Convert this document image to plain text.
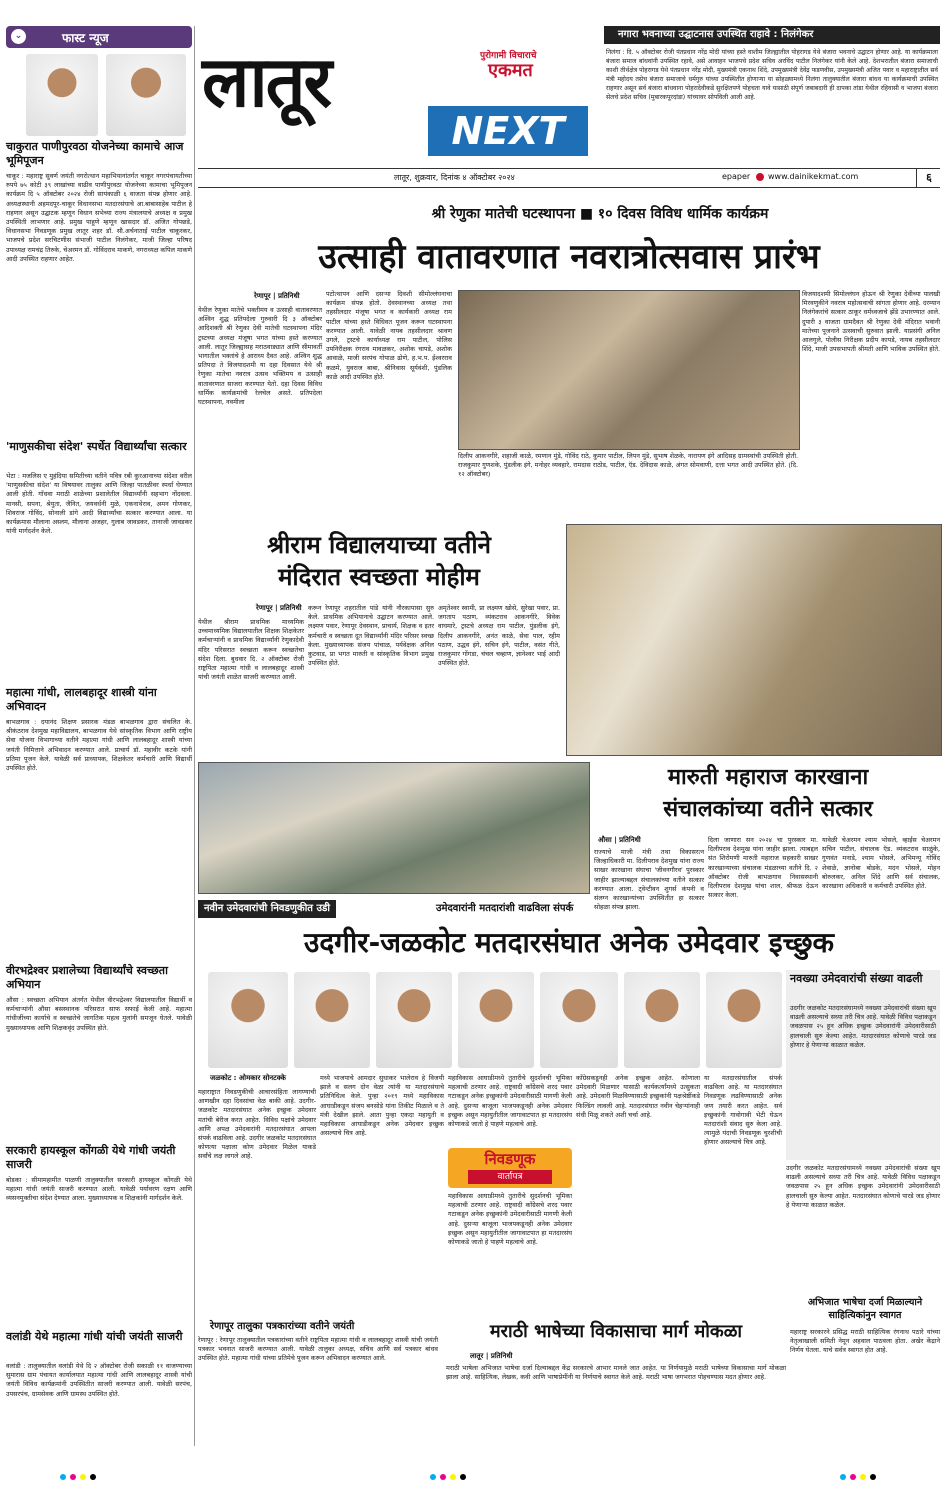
⌄	फास्ट न्यूज
चाकुरात पाणीपुरवठा योजनेच्या कामाचे आज भूमिपूजन
चाकूर : महाराष्ट्र सुवर्ण जयंती नगरोत्थान महाभियानांतर्गत चाकूर नगरपंचायतीच्या रुपये ७५ कोटी ३९ लाखांच्या वाढीव पाणीपुरवठा योजनेच्या कामाचा भूमिपूजन कार्यक्रम दि ५ ऑक्टोबर २०२४ रोजी सायंकाळी ६ वाजता संपन्न होणार आहे. अध्यक्षस्थानी अहमदपूर-चाकूर विधानसभा मतदारसंघाचे आ.बाबासाहेब पाटील हे राहणार असून उद्घाटक म्हणून विधान सभेच्या राज्य मंत्रालयाचे अध्यक्ष व प्रमुख उपस्थिती लाभणार आहे. प्रमुख पाहुणे म्हणून खासदार डॉ. अजित गोपछडे, विधानसभा निवडणूक प्रमुख लातूर शहर डॉ. सौ.अर्चनाताई पाटील चाकूरकर, भाजपचे प्रदेश सरचिटणीस संभाजी पाटील निलंगेकर, माजी जिल्हा परिषद उपाध्यक्ष रामचंद्र तिरुके, चेअरमन डॉ. गोविंदराव माकणे, नगराध्यक्ष कपिल माकणे आदी उपस्थित राहणार आहेत.
'माणुसकीचा संदेश' स्पर्धेत विद्यार्थ्यांचा सत्कार
भेटा : मजलिस ए मुहंदिया समितीच्या वतीने पवित्र रबी कुरआनाच्या संदेशा वरील 'माणुसकीचा संदेश' या विषयावर तालुका आणि जिल्हा पातळीवर स्पर्धा घेण्यात आली होती. गाँधवा मराठी शाळेच्या प्रशालेतील विद्यार्थ्यांनी सहभाग नोंदवला. मानसी, सपना, श्रेयुता, जैनित, जयवर्धनी मुळे, एकनाथेराव, अमन गोणकर, शिवराज गोविंद, सोनाली डांगे आदी विद्यार्थ्यांचा सत्कार करण्यात आला. या कार्यक्रमास मौलाना अस्लम, मौलाना अजहर, गुलाब जावडकर, तानाजी जावडकर यांनी मार्गदर्शन केले.
महात्मा गांधी, लालबहादूर शास्त्री यांना अभिवादन
बाभळगाव : दयानंद शिक्षण प्रसारक मंडळ बाभळगाव द्वारा संचलित के. श्रीकंठराव देशमुख महाविद्यालय, बाभळगाव येथे सांस्कृतिक विभाग आणि राष्ट्रीय सेवा योजना विभागाच्या वतीने महात्मा गांधी आणि लालबहादूर शास्त्री यांच्या जयंती निमित्ताने अभिवादन करण्यात आले. प्राचार्य डॉ. महावीर कटके यांनी प्रतिमा पूजन केले. यावेळी सर्व प्राध्यापक, शिक्षकेतर कर्मचारी आणि विद्यार्थी उपस्थित होते.
वीरभद्रेश्वर प्रशालेच्या विद्यार्थ्यांचे स्वच्छता अभियान
औसा : स्वच्छता अभियान अंतर्गत येथील वीरभद्रेश्वर विद्यालयातील विद्यार्थी व कर्मचाऱ्यांनी औसा बसस्थानक परिसरात साफ सफाई केली आहे. महात्मा गांधीजींच्या कार्याचे व स्वच्छतेचे जागतिक महत्व मुलांनी समजून घेतले. यावेळी मुख्याध्यापक आणि शिक्षकवृंद उपस्थित होते.
सरकारी हायस्कूल कोंगळी येथे गांधी जयंती साजरी
बोडका : सीमामहामीत पाळणी तालुक्यातील सरकारी हायस्कूल कोंगळी येथे महात्मा गांधी जयंती साजरी करण्यात आली. यावेळी पर्यावरण रक्षण आणि व्यसनमुक्तीचा संदेश देण्यात आला. मुख्याध्यापक व शिक्षकांनी मार्गदर्शन केले.
वलांडी येथे महात्मा गांधी यांची जयंती साजरी
वलांडी : तालुक्यातील वलांडी येथे दि २ ऑक्टोबर रोजी सकाळी ११ वाजण्याच्या सुमारास ग्राम पंचायत कार्यालयात महात्मा गांधी आणि लालबहादूर शास्त्री यांची जयंती विविध कार्यक्रमांनी उपस्थितीत साजरी करण्यात आली. यावेळी सरपंच, उपसरपंच, ग्रामसेवक आणि ग्रामस्थ उपस्थित होते.
लातूर	पुरोगामी विचाराचे
एकमत
NEXT
नगारा भवनाच्या उद्घाटनास उपस्थित राहावे : निलंगेकर
निलंगा : दि. ५ ऑक्टोबर रोजी पंतप्रधान नरेंद्र मोदी यांच्या हस्ते वाशीम जिल्ह्यातील पोहरागड येथे बंजारा भवनाचे उद्घाटन होणार आहे. या कार्यक्रमाला बंजारा समाज बांधवांनी उपस्थित रहावे, असे आवाहन भाजपचे प्रदेश सचिव अरविंद पाटील निलंगेकर यांनी केले आहे. देशभरातील बंजारा समाजाची काशी तीर्थक्षेत्र पोहरागड येथे पंतप्रधान नरेंद्र मोदी, मुख्यमंत्री एकनाथ शिंदे, उपमुख्यमंत्री देवेंद्र फडणवीस, उपमुख्यमंत्री अजित पवार व महाराष्ट्रातील सर्व मंत्री महोदय तसेच बंजारा समाजाचे धर्मगुरु यांच्या उपस्थितीत होणाऱ्या या सोहळ्यामध्ये निलंगा तालुक्यातील बंजारा बांधव या कार्यक्रमाची उपस्थित राहणार असून सर्व बंजारा बांधवाना पोहरादेवीकडे सुरक्षितपणे पोहचता यावे यासाठी संपूर्ण जबाबदारी ही दापका तांडा येथील रहिवासी व भाजपा बंजारा सेलचे प्रदेश सचिव (मुबारकपूरदांडा) यांच्यावर सोपविली आली आहे.
लातूर, शुक्रवार, दिनांक ४ ऑक्टोबर २०२४	epaper www.dainikekmat.com	६
श्री रेणुका मातेची घटस्थापना ■ १० दिवस विविध धार्मिक कार्यक्रम
उत्साही वातावरणात नवरात्रोत्सवास प्रारंभ
रेणापूर | प्रतिनिधी
येथील रेणुका मातेचे भक्तीमय व उत्साही वातावरणात अश्विन शुद्ध प्रतिपदेला गुरुवारी दि ३ ऑक्टोबर आदिशक्ती श्री रेणुका देवी मातेची घटस्थापना मंदिर ट्रस्टच्या अध्यक्ष मंजूषा भगत यांच्या हस्ते करण्यात आली. लातूर जिल्ह्यासह मराठवाड्यात आणि सीमावर्ती भागातील भक्तांचे हे आराध्य दैवत आहे. अश्विन शुद्ध प्रतिपदा ते विजयादशमी या दहा दिवसात येथे श्री रेणुका मातेचा नवरात्र उत्सव भक्तिमय व उत्साही वातावरणात साजरा करण्यात येतो. दहा दिवस विविध धार्मिक कार्यक्रमांची रेलचेल असते. प्रतिपदेला घटस्थापना, नवमीला
पटोत्थापन आणि दसऱ्या दिवशी सीमोल्लंघनाचा कार्यक्रम संपन्न होतो. देवस्थानच्या अध्यक्ष तथा तहसीलदार मंजूषा भगत व कार्यकारी अध्यक्ष राम पाटील यांच्या हस्ते विधिवत पूजन करून घटस्थापना करण्यात आली. यावेळी नायब तहसीलदार श्रावण उगले, ट्रस्टचे कार्याध्यक्ष राम पाटील, पोलिस उपनिरीक्षक रंगराव मावळकर, अशोक चापडे, अशोक आवाळे, माजी सरपंच गोपाळ ढोणे, ह.भ.प. ईश्वरराव कळमे, युवराज बाबा, श्रीनिवास सूर्यवंशी, पुंडलिक काळे आदी उपस्थित होते.
दिलीप आकनगीरे, शहाजी काळे, रमणान मुंडे, गोविंद राठे, कुमार पाटील, लिपन मुंडे, सुभाष शेळके, नारायण इंगे आदिसह ग्रामस्थांची उपस्थिती होती. राजकुमार गुणशके, पुंडलीक इंगे, मनोहर व्यवहारे, रामदास राठोड, पाटील, ऍड. देविदास काळे, अंगत सोमवाणी, दत्ता भगत आदी उपस्थित होते. (दि. १२ ऑक्टोबर)
विजयादशमी सिमोल्लंघन होऊन श्री रेणुका देवीच्या पालखी मिरवणुकीने नवरात्र महोत्सवाची सांगता होणार आहे. दरम्यान निलंगेकरांचे सत्कार ठाकूर धर्मध्वजाचे झेंडे उभारण्यात आले. दुपारी ३ वाजता ग्रामदैवत श्री रेणुका देवी मंदिरात भवानी मातेच्या पूजनाने उत्सवाची सुरुवात झाली. याप्रसंगी अनिल आलगुले, पोलीस निरीक्षक प्रदीप कापडे, नायब तहसीलदार शिंदे, माजी उपसभापती श्रीमती आणि भाविक उपस्थित होते.
श्रीराम विद्यालयाच्या वतीने
मंदिरात स्वच्छता मोहीम
रेणापूर | प्रतिनिधी
येथील श्रीराम प्राथमिक माध्यमिक उच्चमाध्यमिक विद्यालयातील शिक्षक शिक्षकेतर कर्मचाऱ्यांनी व प्राथमिक विद्यार्थ्यांनी रेणुकादेवी मंदिर परिसरात स्वच्छता करून स्वच्छतेचा संदेश दिला. बुधवार दि. २ ऑक्टोबर रोजी राष्ट्रपिता महात्मा गांधी व लालबहादूर शास्त्री यांची जयंती शाळेत साजरी करण्यात आली.
करून रेणापूर शहरातील पांडे यांनी नौरकापासा सुरु केले. प्राथमिक अभियानाचे उद्घाटन करण्यात आले. लक्ष्मण पवार, रेणापूर देवस्थान, प्राचार्य, शिक्षक व इतर कर्मचारी व स्वच्छता दूत विद्यार्थ्यांनी मंदिर परिसर स्वच्छ केला. मुख्याध्यापक संजय पांचाळ, पर्यवेक्षक अनिल कुटवाड, प्रा भगत मारुती व सांस्कृतिक विभाग प्रमुख उपस्थित होते.
अमृतेश्वर स्वामी, प्रा लक्ष्मण खोसे, सुरेखा पवार, प्रा. जगताप पठाण, व्यंकटराव आकनगीरे, विवेक वाघमारे, ट्रस्टचे अध्यक्ष राम पाटील, पुंडलीक इंगे, दिलीप आकनगीरे, अनंत काळे, सेवा पाल, रहीम पठाण, उद्धव इंगे, सचिन इंगे, पाटील, वसंत गीते, राजकुमार गोंगडा, चंचल चव्हाण, ज्ञानेश्वर भाई आदी उपस्थित होते.
मारुती महाराज कारखाना
संचालकांच्या वतीने सत्कार
औसा | प्रतिनिधी
राज्याचे माजी मंत्री तथा विकासरत्न जिल्हाधिकारी मा. दिलीपराव देशमुख यांना राज्य साखर कारखाना संघाचा 'जीवनगौरव' पुरस्कार जाहीर झाल्याबद्दल संचालकांच्या वतीने सत्कार करण्यात आला. ट्वेन्टीवन शुगर्स कंपनी व संलग्न कारखान्यांच्या उपस्थितीत हा सत्कार सोहळा संपन्न झाला.
दिला जाणारा सन २०२४ चा पुरस्कार मा. दिलीपराव देशमुख यांना जाहीर झाला. त्याबद्दल संत शिरोमणी मारुती महाराज सहकारी साखर कारखान्याच्या संचालक मंडळाच्या वतीने दि. २ ऑक्टोबर रोजी बाभळगाव निवासस्थानी दिलीपराव देशमुख यांचा शाल, श्रीफळ देऊन सत्कार केला.
यावेळी चेअरमन श्याम भोसले, व्हाईस चेअरमन सचिन पाटील, संचालक ऍड. व्यंकटराव साळुंके, गुणवंत मनाडे, श्याम भोसले, अभिमन्यू गोविंद शेवाळे, ज्ञानोबा बोडके, मदन भोसले, मोहन बोरुलकर, अनिल शिंदे आणि सर्व संचालक, कारखाना अधिकारी व कर्मचारी उपस्थित होते.
नवीन उमेदवारांची निवडणुकीत उडी	उमेदवारांनी मतदारांशी वाढविला संपर्क
उदगीर-जळकोट मतदारसंघात अनेक उमेदवार इच्छुक
नवख्या उमेदवारांची संख्या वाढली
उदगीर जळकोट मतदारसंघामध्ये नवख्या उमेदवारांची संख्या खूप वाढली असल्याचे सध्या तरी चित्र आहे. यावेळी विविध पक्षाकडून जवळपास २५ हून अधिक इच्छुक उमेदवारांनी उमेदवारीसाठी हालचाली सुरु केल्या आहेत. मतदारसंघात कोणाचे पारडे जड होणार हे येणाऱ्या काळात कळेल.
जळकोट : ओमकार सोनटक्के
महाराष्ट्रात निवडणुकीची आचारसंहिता लागण्याची आणखीन दहा दिवसांचा वेळ बाकी आहे. उदगीर-जळकोट मतदारसंघात अनेक इच्छुक उमेदवार मतांची बेरीज करत आहेत. विविध पक्षांचे उमेदवार आणि अपक्ष उमेदवारांनी मतदारसंघात आपला संपर्क वाढविला आहे. उदगीर जळकोट मतदारसंघात कोणत्या पक्षाला कोण उमेदवार मिळेल याकडे सर्वांचे लक्ष लागले आहे.
मध्ये भाजपाचे आमदार सुधाकर भालेराव हे विजयी झाले व सलग दोन वेळा त्यांनी या मतदारसंघाचे प्रतिनिधित्व केले. पुन्हा २०१९ मध्ये महाविकास आघाडीकडून संजय बनसोडे यांना तिकीट मिळाले व ते मंत्री देखील झाले. आता पुन्हा एकदा महायुती व महाविकास आघाडीकडून अनेक उमेदवार इच्छुक असल्याचे चित्र आहे.
महाविकास आघाडीमध्ये तुतारीचे सुदर्शनची भूमिका महत्वाची ठरणार आहे. राष्ट्रवादी काँग्रेसचे शरद पवार गटाकडून अनेक इच्छुकांनी उमेदवारीसाठी मागणी केली आहे. दुसऱ्या बाजूला भाजपकडूनही अनेक उमेदवार इच्छुक असून महायुतीतील जागावाटपात हा मतदारसंघ कोणाकडे जातो हे पाहणे महत्वाचे आहे.
निवडणूक
वार्तापत्र
महाविकास आघाडीमध्ये तुतारीचे सुदर्शनची भूमिका महत्वाची ठरणार आहे. राष्ट्रवादी काँग्रेसचे शरद पवार गटाकडून अनेक इच्छुकांनी उमेदवारीसाठी मागणी केली आहे. दुसऱ्या बाजूला भाजपकडूनही अनेक उमेदवार इच्छुक असून महायुतीतील जागावाटपात हा मतदारसंघ कोणाकडे जातो हे पाहणे महत्वाचे आहे.
काँग्रेसकडूनही अनेक इच्छुक आहेत. कोणाला उमेदवारी मिळणार यासाठी कार्यकर्त्यांमध्ये उत्सुकता आहे. उमेदवारी मिळविण्यासाठी इच्छुकांनी पक्षश्रेष्ठींकडे फिल्डिंग लावली आहे. मतदारसंघात नवीन चेहऱ्यांनाही संधी मिळू शकते अशी चर्चा आहे.
या मतदारसंघातील संपर्क वाढविला आहे. या मतदारसंघात निवडणूक लढविण्यासाठी अनेक जण तयारी करत आहेत. सर्व इच्छुकांनी गावोगावी भेटी घेऊन मतदारांशी संवाद सुरु केला आहे. त्यामुळे यंदाची निवडणूक चुरशीची होणार असल्याचे चित्र आहे.
उदगीर जळकोट मतदारसंघामध्ये नवख्या उमेदवारांची संख्या खूप वाढली असल्याचे सध्या तरी चित्र आहे. यावेळी विविध पक्षाकडून जवळपास २५ हून अधिक इच्छुक उमेदवारांनी उमेदवारीसाठी हालचाली सुरु केल्या आहेत. मतदारसंघात कोणाचे पारडे जड होणार हे येणाऱ्या काळात कळेल.
रेणापूर तालुका पत्रकारांच्या वतीने जयंती
रेणापूर : रेणापूर तालुक्यातील पत्रकारांच्या वतीने राष्ट्रपिता महात्मा गांधी व लालबहादूर शास्त्री यांची जयंती पत्रकार भवनात साजरी करण्यात आली. यावेळी तालुका अध्यक्ष, सचिव आणि सर्व पत्रकार बांधव उपस्थित होते. महात्मा गांधी यांच्या प्रतिमेचे पूजन करून अभिवादन करण्यात आले.
मराठी भाषेच्या विकासाचा मार्ग मोकळा
लातूर | प्रतिनिधी
मराठी भाषेला अभिजात भाषेचा दर्जा दिल्याबद्दल केंद्र सरकारचे आभार मानले जात आहेत. या निर्णयामुळे मराठी भाषेच्या विकासाचा मार्ग मोकळा झाला आहे. साहित्यिक, लेखक, कवी आणि भाषाप्रेमींनी या निर्णयाचे स्वागत केले आहे. मराठी भाषा जगभरात पोहचण्यास मदत होणार आहे.
अभिजात भाषेचा दर्जा मिळाल्याने साहित्यिकांनुन स्वागत
महाराष्ट्र सरकारने प्रसिद्ध मराठी साहित्यिक रंगनाथ पठारे यांच्या नेतृत्वाखाली समिती नेमून अहवाल पाठवला होता. अखेर केंद्राने निर्णय घेतला. याचे सर्वत्र स्वागत होत आहे.
